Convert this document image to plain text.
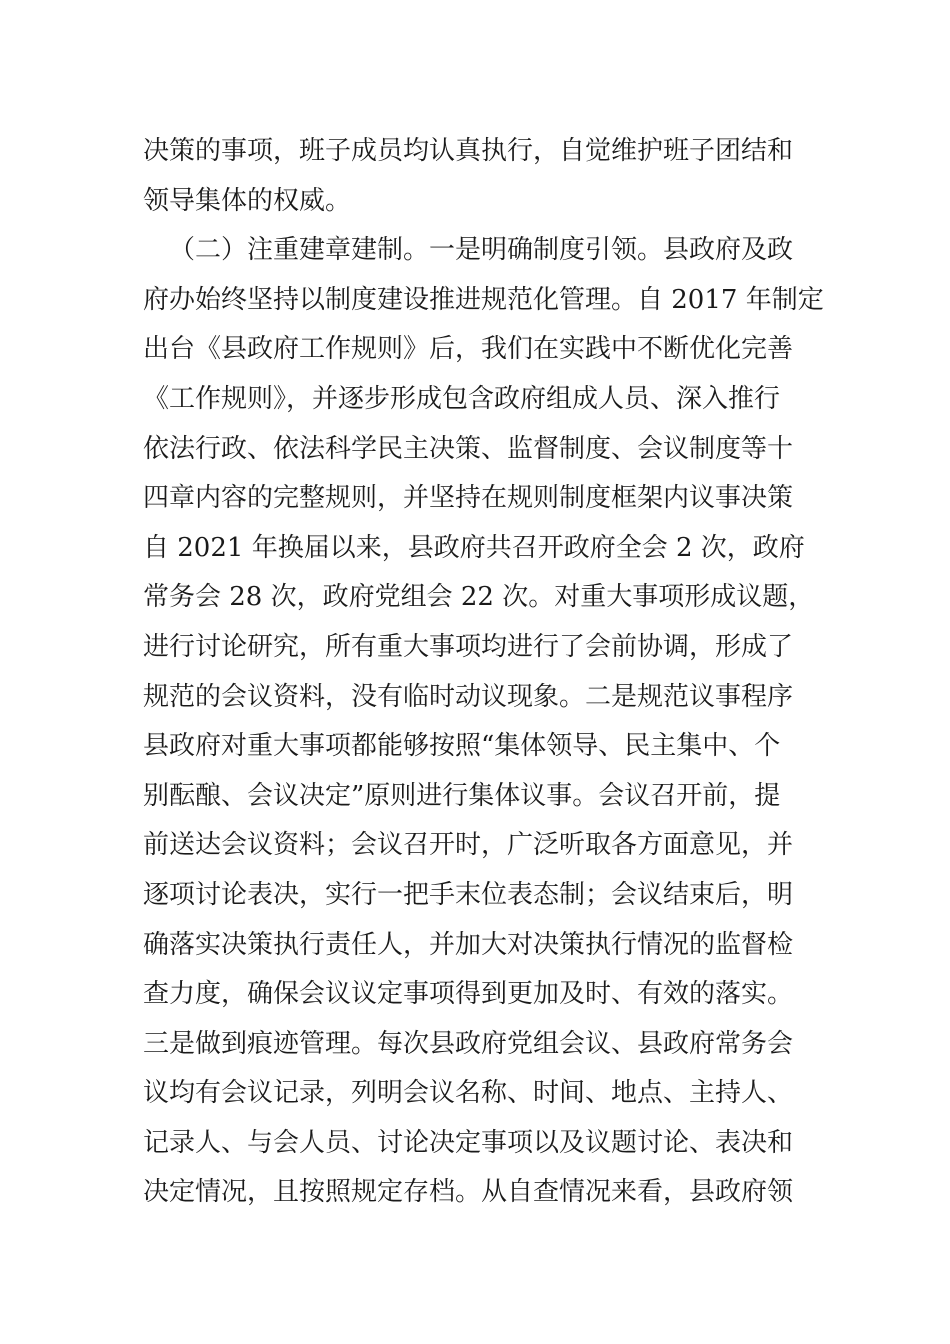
决策的事项，班子成员均认真执行，自觉维护班子团结和
领导集体的权威。
（二）注重建章建制。一是明确制度引领。县政府及政
府办始终坚持以制度建设推进规范化管理。自 2017 年制定
出台《县政府工作规则》后，我们在实践中不断优化完善
《工作规则》，并逐步形成包含政府组成人员、深入推行
依法行政、依法科学民主决策、监督制度、会议制度等十
四章内容的完整规则，并坚持在规则制度框架内议事决策
自 2021 年换届以来，县政府共召开政府全会 2 次，政府
常务会 28 次，政府党组会 22 次。对重大事项形成议题，
进行讨论研究，所有重大事项均进行了会前协调，形成了
规范的会议资料，没有临时动议现象。二是规范议事程序
县政府对重大事项都能够按照“集体领导、民主集中、个
别酝酿、会议决定”原则进行集体议事。会议召开前，提
前送达会议资料；会议召开时，广泛听取各方面意见，并
逐项讨论表决，实行一把手末位表态制；会议结束后，明
确落实决策执行责任人，并加大对决策执行情况的监督检
查力度，确保会议议定事项得到更加及时、有效的落实。
三是做到痕迹管理。每次县政府党组会议、县政府常务会
议均有会议记录，列明会议名称、时间、地点、主持人、
记录人、与会人员、讨论决定事项以及议题讨论、表决和
决定情况，且按照规定存档。从自查情况来看，县政府领
